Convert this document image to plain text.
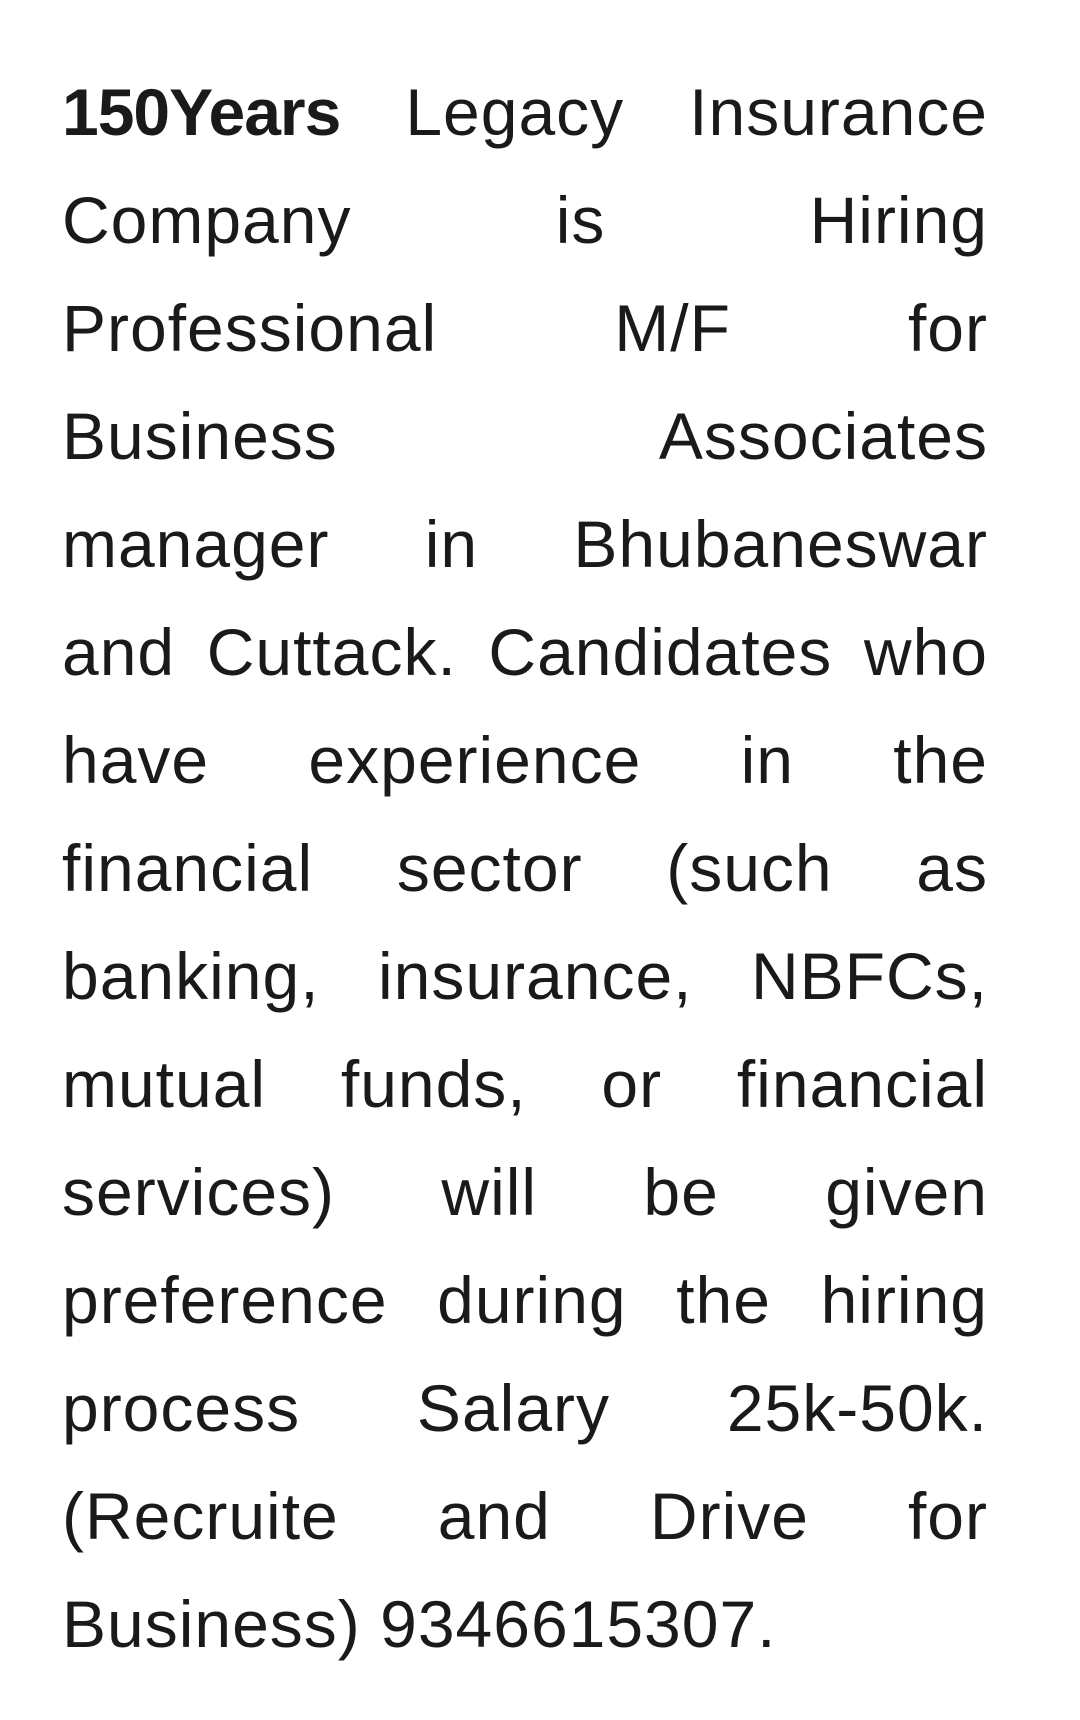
150Years Legacy Insurance
Company is Hiring
Professional M/F for
Business Associates
manager in Bhubaneswar
and Cuttack. Candidates who
have experience in the
financial sector (such as
banking, insurance, NBFCs,
mutual funds, or financial
services) will be given
preference during the hiring
process Salary 25k-50k.
(Recruite and Drive for
Business) 9346615307.
